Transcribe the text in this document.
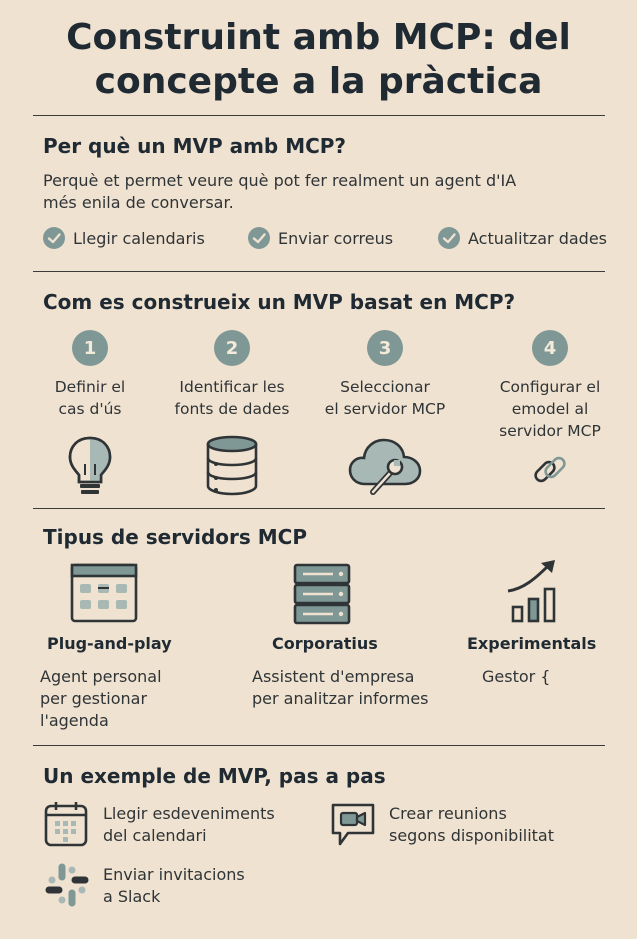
Construint amb MCP: del
concepte a la pràctica
Per què un MVP amb MCP?
Perquè et permet veure què pot fer realment un agent d'IA
més enila de conversar.
Llegir calendaris	Enviar correus	Actualitzar dades
Com es construeix un MVP basat en MCP?
1
Definir el
cas d'ús
2
Identificar les
fonts de dades
3
Seleccionar
el servidor MCP
4
Configurar el
emodel al
servidor MCP
Tipus de servidors MCP
Plug-and-play	Corporatius	Experimentals
Agent personal
per gestionar
l'agenda
Assistent d'empresa
per analitzar informes
Gestor {
Un exemple de MVP, pas a pas
Llegir esdeveniments
del calendari
Crear reunions
segons disponibilitat
Enviar invitacions
a Slack
